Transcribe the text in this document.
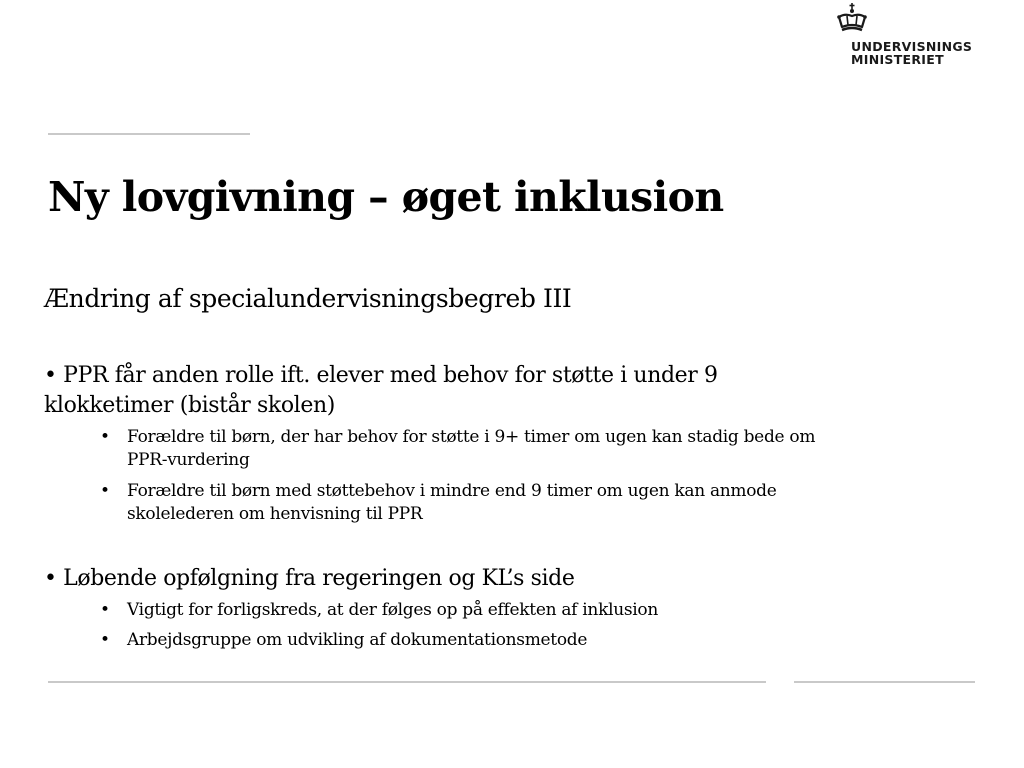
UNDERVISNINGS
MINISTERIET
Ny lovgivning – øget inklusion

Ændring af specialundervisningsbegreb III

• PPR får anden rolle ift. elever med behov for støtte i under 9

klokketimer (bistår skolen)

•	Forældre til børn, der har behov for støtte i 9+ timer om ugen kan stadig bede om
PPR-vurdering
•	Forældre til børn med støttebehov i mindre end 9 timer om ugen kan anmode
skolelederen om henvisning til PPR

• Løbende opfølgning fra regeringen og KL’s side

•	Vigtigt for forligskreds, at der følges op på effekten af inklusion
•	Arbejdsgruppe om udvikling af dokumentationsmetode
